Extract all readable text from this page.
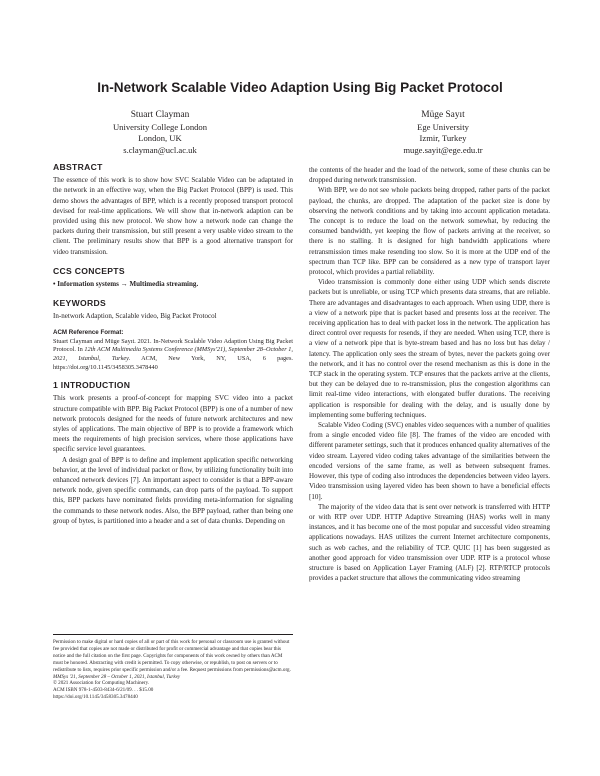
In-Network Scalable Video Adaption Using Big Packet Protocol
Stuart Clayman
University College London
London, UK
s.clayman@ucl.ac.uk
Müge Sayıt
Ege University
Izmir, Turkey
muge.sayit@ege.edu.tr
ABSTRACT

The essence of this work is to show how SVC Scalable Video can be adaptated in the network in an effective way, when the Big Packet Protocol (BPP) is used. This demo shows the advantages of BPP, which is a recently proposed transport protocol devised for real-time applications. We will show that in-network adaption can be provided using this new protocol. We show how a network node can change the packets during their transmission, but still present a very usable video stream to the client. The preliminary results show that BPP is a good alternative transport for video transmission.

CCS CONCEPTS

• Information systems → Multimedia streaming.

KEYWORDS

In-network Adaption, Scalable video, Big Packet Protocol

ACM Reference Format:

Stuart Clayman and Müge Sayıt. 2021. In-Network Scalable Video Adaption Using Big Packet Protocol. In 12th ACM Multimedia Systems Conference (MMSys'21), September 28–October 1, 2021, Istanbul, Turkey. ACM, New York, NY, USA, 6 pages. https://doi.org/10.1145/3458305.3478440

1 INTRODUCTION

This work presents a proof-of-concept for mapping SVC video into a packet structure compatible with BPP. Big Packet Protocol (BPP) is one of a number of new network protocols designed for the needs of future network architectures and new styles of applications. The main objective of BPP is to provide a framework which meets the requirements of high precision services, where those applications have specific service level guarantees.

A design goal of BPP is to define and implement application specific networking behavior, at the level of individual packet or flow, by utilizing functionality built into enhanced network devices [7]. An important aspect to consider is that a BPP-aware network node, given specific commands, can drop parts of the payload. To support this, BPP packets have nominated fields providing meta-information for signaling the commands to these network nodes. Also, the BPP payload, rather than being one group of bytes, is partitioned into a header and a set of data chunks. Depending on

Permission to make digital or hard copies of all or part of this work for personal or classroom use is granted without fee provided that copies are not made or distributed for profit or commercial advantage and that copies bear this notice and the full citation on the first page. Copyrights for components of this work owned by others than ACM must be honored. Abstracting with credit is permitted. To copy otherwise, or republish, to post on servers or to redistribute to lists, requires prior specific permission and/or a fee. Request permissions from permissions@acm.org.

MMSys '21, September 28 – October 1, 2021, Istanbul, Turkey

© 2021 Association for Computing Machinery.

ACM ISBN 978-1-4503-8434-6/21/09. . . $15.00

https://doi.org/10.1145/3458305.3478440

the contents of the header and the load of the network, some of these chunks can be dropped during network transmission.

With BPP, we do not see whole packets being dropped, rather parts of the packet payload, the chunks, are dropped. The adaptation of the packet size is done by observing the network conditions and by taking into account application metadata. The concept is to reduce the load on the network somewhat, by reducing the consumed bandwidth, yet keeping the flow of packets arriving at the receiver, so there is no stalling. It is designed for high bandwidth applications where retransmission times make resending too slow. So it is more at the UDP end of the spectrum than TCP like. BPP can be considered as a new type of transport layer protocol, which provides a partial reliability.

Video transmission is commonly done either using UDP which sends discrete packets but is unreliable, or using TCP which presents data streams, that are reliable. There are advantages and disadvantages to each approach. When using UDP, there is a view of a network pipe that is packet based and presents loss at the receiver. The receiving application has to deal with packet loss in the network. The application has direct control over requests for resends, if they are needed. When using TCP, there is a view of a network pipe that is byte-stream based and has no loss but has delay / latency. The application only sees the stream of bytes, never the packets going over the network, and it has no control over the resend mechanism as this is done in the TCP stack in the operating system. TCP ensures that the packets arrive at the clients, but they can be delayed due to re-transmission, plus the congestion algorithms can limit real-time video interactions, with elongated buffer durations. The receiving application is responsible for dealing with the delay, and is usually done by implementing some buffering techniques.

Scalable Video Coding (SVC) enables video sequences with a number of qualities from a single encoded video file [8]. The frames of the video are encoded with different parameter settings, such that it produces enhanced quality alternatives of the video stream. Layered video coding takes advantage of the similarities between the encoded versions of the same frame, as well as between subsequent frames. However, this type of coding also introduces the dependencies between video layers. Video transmission using layered video has been shown to have a beneficial effects [10].

The majority of the video data that is sent over network is transferred with HTTP or with RTP over UDP. HTTP Adaptive Streaming (HAS) works well in many instances, and it has become one of the most popular and successful video streaming applications nowadays. HAS utilizes the current Internet architecture components, such as web caches, and the reliability of TCP. QUIC [1] has been suggested as another good approach for video transmission over UDP. RTP is a protocol whose structure is based on Application Layer Framing (ALF) [2]. RTP/RTCP protocols provides a packet structure that allows the communicating video streaming
